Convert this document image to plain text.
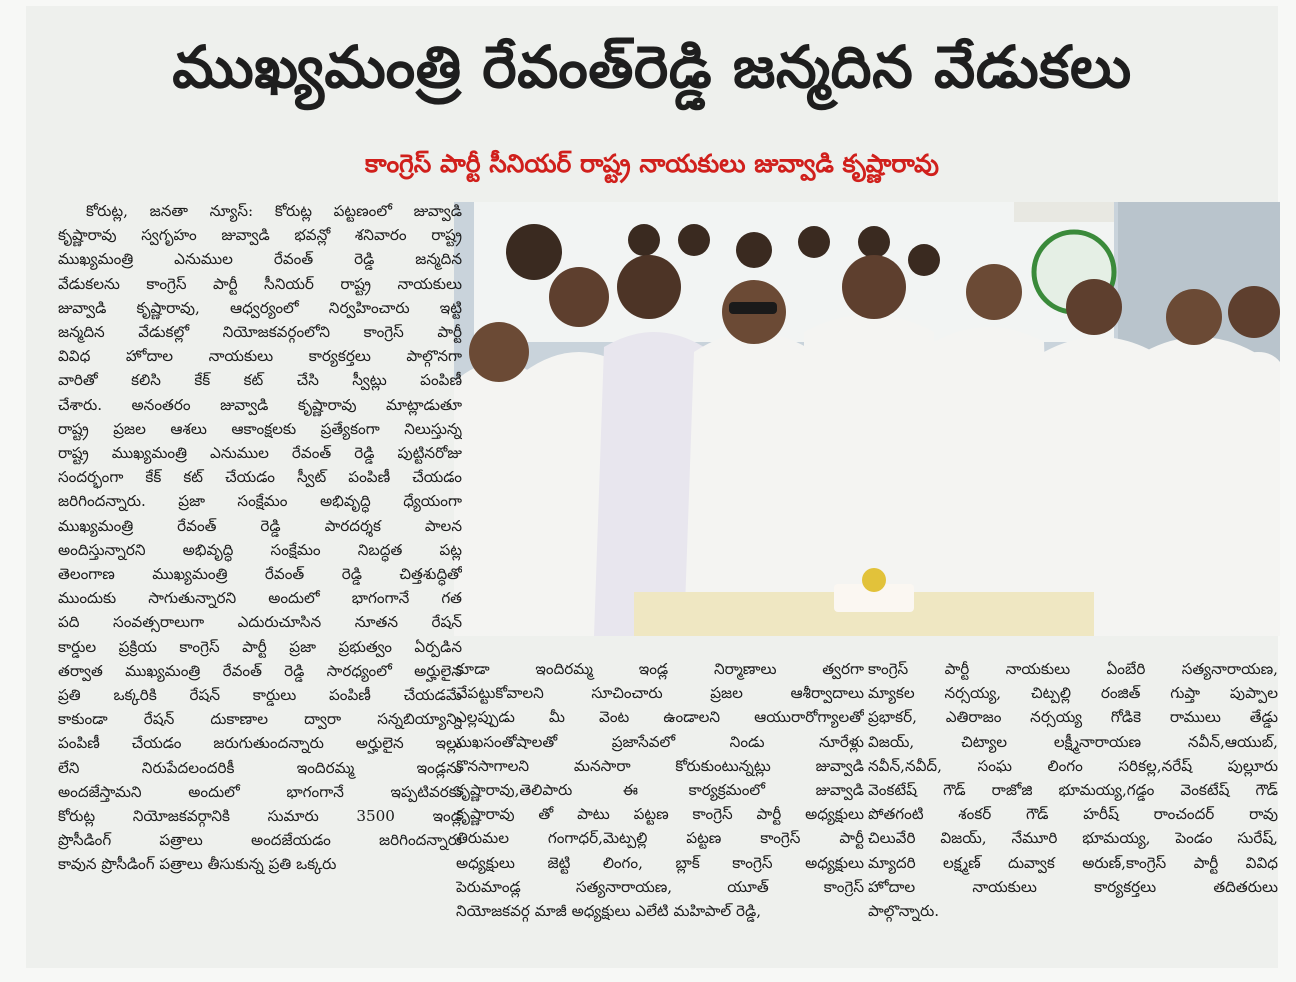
ముఖ్యమంత్రి రేవంత్‌రెడ్డి జన్మదిన వేడుకలు
కాంగ్రెస్ పార్టీ సీనియర్ రాష్ట్ర నాయకులు జువ్వాడి కృష్ణారావు
కోరుట్ల, జనతా న్యూస్: కోరుట్ల పట్టణంలో జువ్వాడి
కృష్ణారావు స్వగృహం జువ్వాడి భవన్లో శనివారం రాష్ట్ర
ముఖ్యమంత్రి ఎనుముల రేవంత్ రెడ్డి జన్మదిన
వేడుకలను కాంగ్రెస్ పార్టీ సీనియర్ రాష్ట్ర నాయకులు
జువ్వాడి కృష్ణారావు, ఆధ్వర్యంలో నిర్వహించారు ఇట్టి
జన్మదిన వేడుకల్లో నియోజకవర్గంలోని కాంగ్రెస్ పార్టీ
వివిధ హోదాల నాయకులు కార్యకర్తలు పాల్గొనగా
వారితో కలిసి కేక్ కట్ చేసి స్వీట్లు పంపిణీ
చేశారు. అనంతరం జువ్వాడి కృష్ణారావు మాట్లాడుతూ
రాష్ట్ర ప్రజల ఆశలు ఆకాంక్షలకు ప్రత్యేకంగా నిలుస్తున్న
రాష్ట్ర ముఖ్యమంత్రి ఎనుముల రేవంత్ రెడ్డి పుట్టినరోజు
సందర్భంగా కేక్ కట్ చేయడం స్వీట్ పంపిణీ చేయడం
జరిగిందన్నారు. ప్రజా సంక్షేమం అభివృద్ధి ధ్యేయంగా
ముఖ్యమంత్రి రేవంత్ రెడ్డి పారదర్శక పాలన
అందిస్తున్నారని అభివృద్ధి సంక్షేమం నిబద్ధత పట్ల
తెలంగాణ ముఖ్యమంత్రి రేవంత్ రెడ్డి చిత్తశుద్ధితో
ముందుకు సాగుతున్నారని అందులో భాగంగానే గత
పది సంవత్సరాలుగా ఎదురుచూసిన నూతన రేషన్
కార్డుల ప్రక్రియ కాంగ్రెస్ పార్టీ ప్రజా ప్రభుత్వం ఏర్పడిన
తర్వాత ముఖ్యమంత్రి రేవంత్ రెడ్డి సారధ్యంలో అర్హులైన
ప్రతి ఒక్కరికి రేషన్ కార్డులు పంపిణీ చేయడమే
కాకుండా రేషన్ దుకాణాల ద్వారా సన్నబియ్యాన్ని
పంపిణీ చేయడం జరుగుతుందన్నారు అర్హులైన ఇల్లు
లేని నిరుపేదలందరికీ ఇందిరమ్మ ఇండ్లను
అందజేస్తామని అందులో భాగంగానే ఇప్పటివరకు
కోరుట్ల నియోజకవర్గానికి సుమారు 3500 ఇండ్ల
ప్రొసీడింగ్ పత్రాలు అందజేయడం జరిగిందన్నారు
కావున ప్రొసీడింగ్ పత్రాలు తీసుకున్న ప్రతి ఒక్కరు
కూడా ఇందిరమ్మ ఇండ్ల నిర్మాణాలు త్వరగా
చేపట్టుకోవాలని సూచించారు ప్రజల ఆశీర్వాదాలు
ఎల్లప్పుడు మీ వెంట ఉండాలని ఆయురారోగ్యాలతో
సుఖసంతోషాలతో ప్రజాసేవలో నిండు నూరేళ్లు
కొనసాగాలని మనసారా కోరుకుంటున్నట్లు జువ్వాడి
కృష్ణారావు,తెలిపారు ఈ కార్యక్రమంలో జువ్వాడి
కృష్ణారావు తో పాటు పట్టణ కాంగ్రెస్ పార్టీ అధ్యక్షులు
తిరుమల గంగాధర్,మెట్పల్లి పట్టణ కాంగ్రెస్ పార్టీ
అధ్యక్షులు జెట్టి లింగం, బ్లాక్ కాంగ్రెస్ అధ్యక్షులు
పెరుమాండ్ల సత్యనారాయణ, యూత్ కాంగ్రెస్
నియోజకవర్గ మాజీ అధ్యక్షులు ఎలేటి మహిపాల్ రెడ్డి,
కాంగ్రెస్ పార్టీ నాయకులు ఏంబేరి సత్యనారాయణ,
మ్యాకల నర్సయ్య, చిట్పల్లి రంజిత్ గుప్తా పుప్పాల
ప్రభాకర్, ఎతిరాజం నర్సయ్య గోడికె రాములు తేడ్డు
విజయ్, చిట్యాల లక్ష్మీనారాయణ నవీన్,ఆయుబ్,
నవీన్,నవీద్, సంఘ లింగం సరికల్ల,నరేష్ పుల్లూరు
వెంకటేష్ గౌడ్ రాజోజి భూమయ్య,గడ్డం వెంకటేష్ గౌడ్
పోతగంటి శంకర్ గౌడ్ హరీష్ రాంచందర్ రావు
చిలువేరి విజయ్, నేమూరి భూమయ్య, పెండం సురేష్,
మ్యాదరి లక్ష్మణ్ దువ్వాక అరుణ్,కాంగ్రెస్ పార్టీ వివిధ
హోదాల నాయకులు కార్యకర్తలు తదితరులు
పాల్గొన్నారు.
